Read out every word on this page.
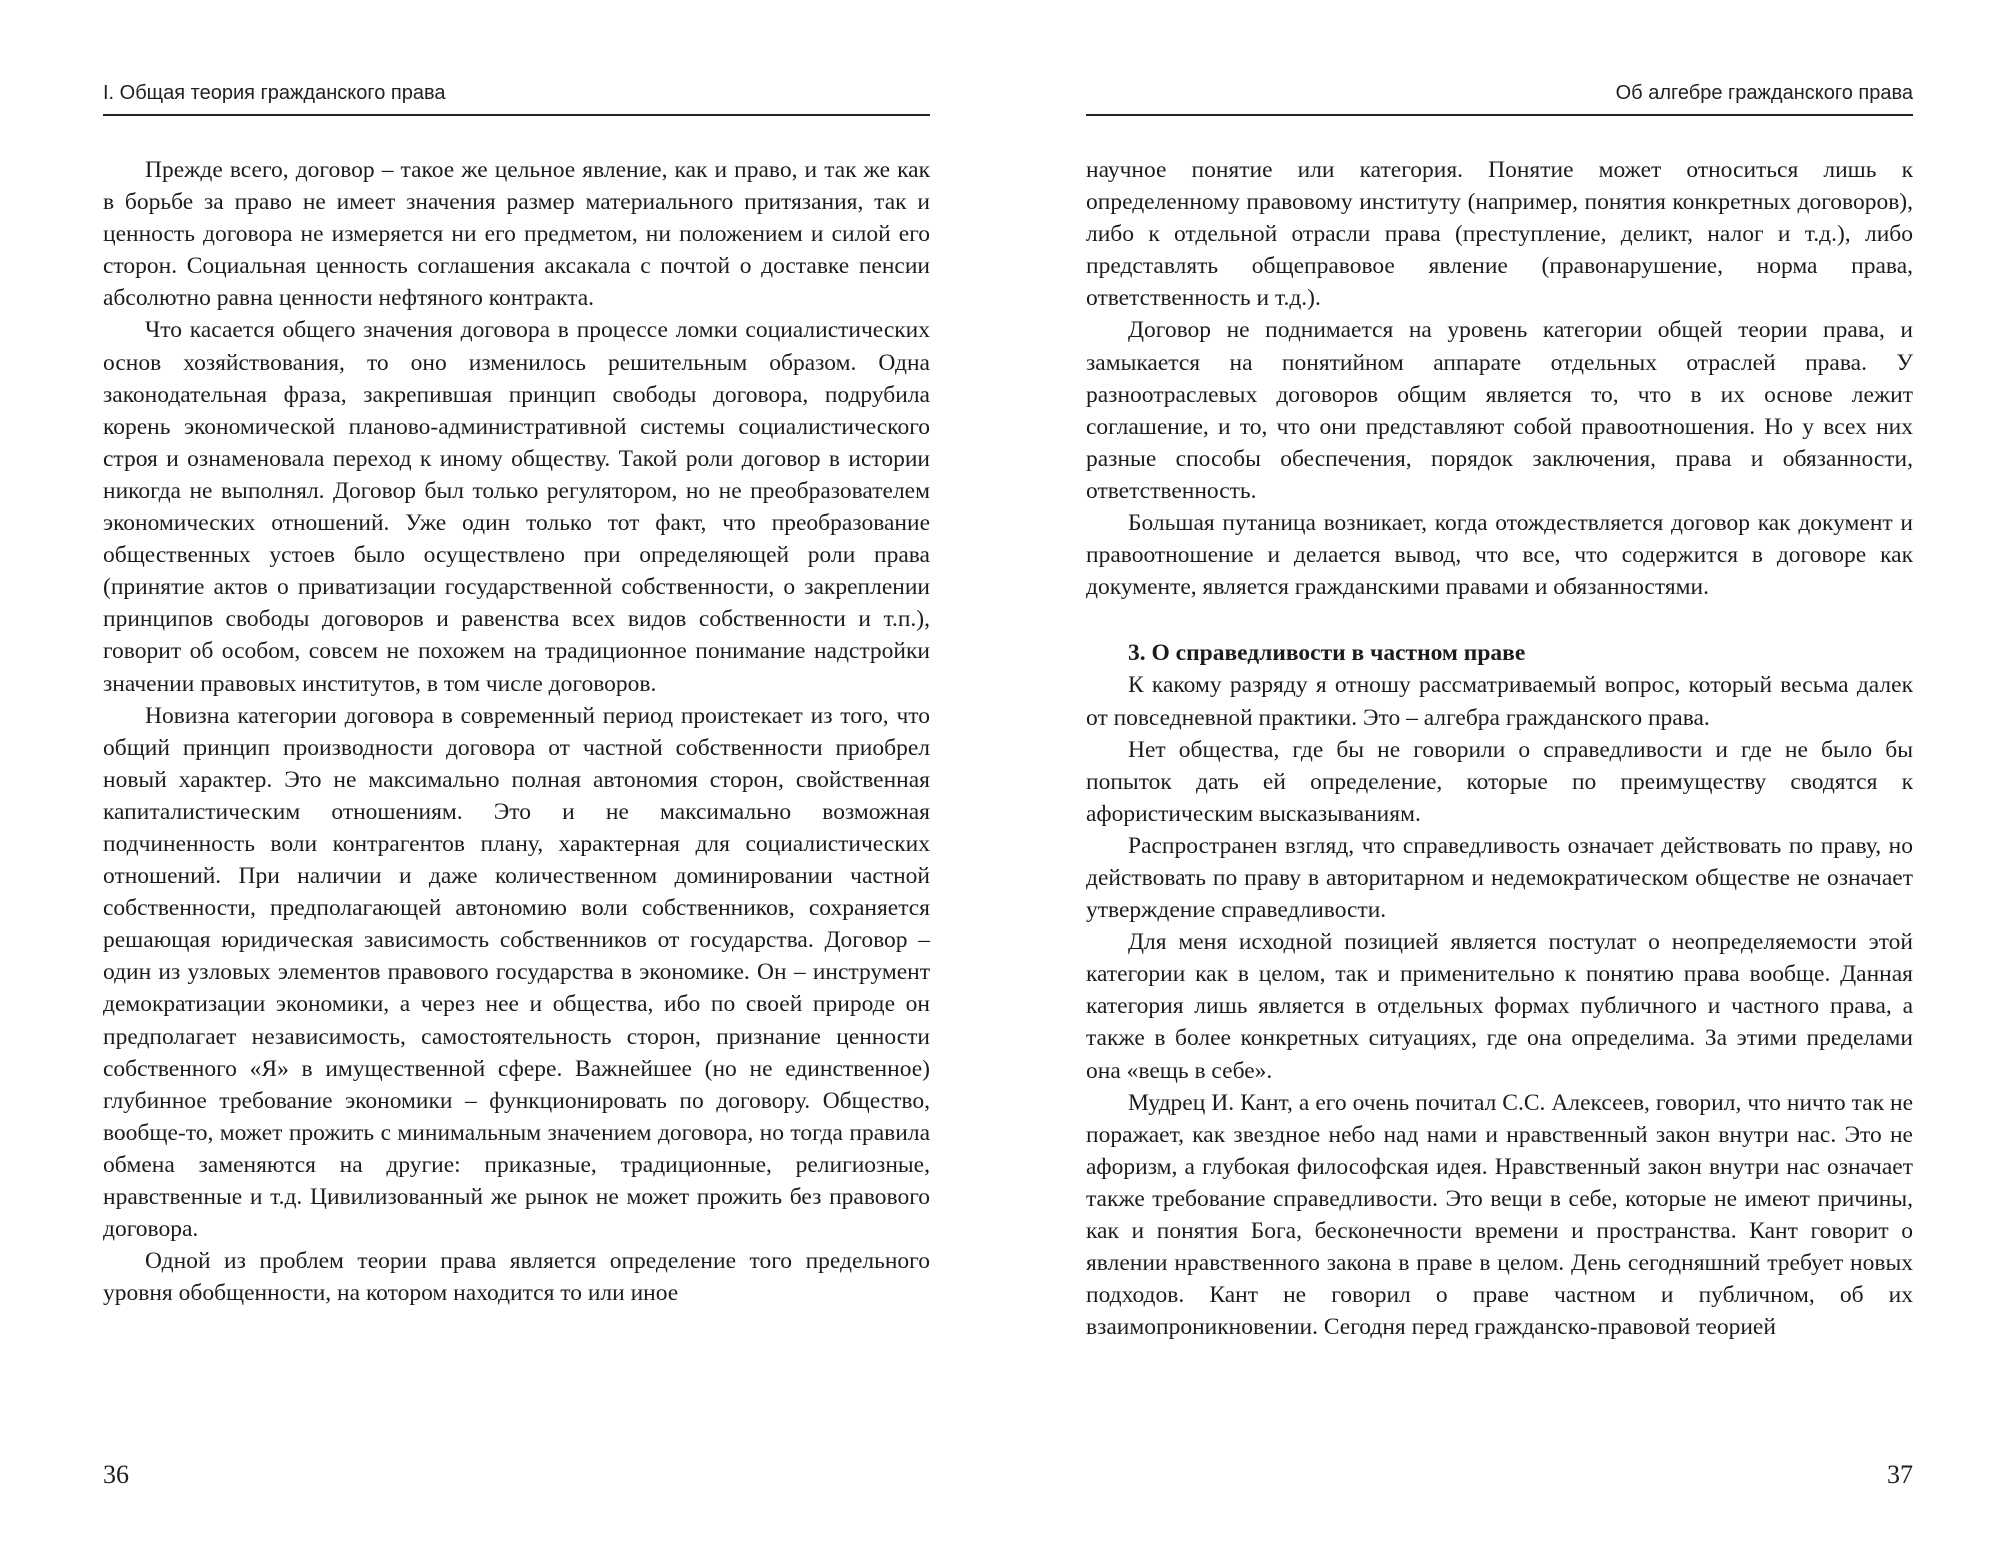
I. Общая теория гражданского права

Прежде всего, договор – такое же цельное явление, как и право, и так же как в борьбе за право не имеет значения размер материального притязания, так и ценность договора не измеряется ни его предметом, ни положением и силой его сторон. Социальная ценность соглашения аксакала с почтой о доставке пенсии абсолютно равна ценности нефтяного контракта.

Что касается общего значения договора в процессе ломки социалистических основ хозяйствования, то оно изменилось решительным образом. Одна законодательная фраза, закрепившая принцип свободы договора, подрубила корень экономической планово-административной системы социалистического строя и ознаменовала переход к иному обществу. Такой роли договор в истории никогда не выполнял. Договор был только регулятором, но не преобразователем экономических отношений. Уже один только тот факт, что преобразование общественных устоев было осуществлено при определяющей роли права (принятие актов о приватизации государственной собственности, о закреплении принципов свободы договоров и равенства всех видов собственности и т.п.), говорит об особом, совсем не похожем на традиционное понимание надстройки значении правовых институтов, в том числе договоров.

Новизна категории договора в современный период проистекает из того, что общий принцип производности договора от частной собственности приобрел новый характер. Это не максимально полная автономия сторон, свойственная капиталистическим отношениям. Это и не максимально возможная подчиненность воли контрагентов плану, характерная для социалистических отношений. При наличии и даже количественном доминировании частной собственности, предполагающей автономию воли собственников, сохраняется решающая юридическая зависимость собственников от государства. Договор – один из узловых элементов правового государства в экономике. Он – инструмент демократизации экономики, а через нее и общества, ибо по своей природе он предполагает независимость, самостоятельность сторон, признание ценности собственного «Я» в имущественной сфере. Важнейшее (но не единственное) глубинное требование экономики – функционировать по договору. Общество, вообще-то, может прожить с минимальным значением договора, но тогда правила обмена заменяются на другие: приказные, традиционные, религиозные, нравственные и т.д. Цивилизованный же рынок не может прожить без правового договора.

Одной из проблем теории права является определение того предельного уровня обобщенности, на котором находится то или иное

36
Об алгебре гражданского права

научное понятие или категория. Понятие может относиться лишь к определенному правовому институту (например, понятия конкретных договоров), либо к отдельной отрасли права (преступление, деликт, налог и т.д.), либо представлять общеправовое явление (правонарушение, норма права, ответственность и т.д.).

Договор не поднимается на уровень категории общей теории права, и замыкается на понятийном аппарате отдельных отраслей права. У разноотраслевых договоров общим является то, что в их основе лежит соглашение, и то, что они представляют собой правоотношения. Но у всех них разные способы обеспечения, порядок заключения, права и обязанности, ответственность.

Большая путаница возникает, когда отождествляется договор как документ и правоотношение и делается вывод, что все, что содержится в договоре как документе, является гражданскими правами и обязанностями.

3. О справедливости в частном праве

К какому разряду я отношу рассматриваемый вопрос, который весьма далек от повседневной практики. Это – алгебра гражданского права.

Нет общества, где бы не говорили о справедливости и где не было бы попыток дать ей определение, которые по преимуществу сводятся к афористическим высказываниям.

Распространен взгляд, что справедливость означает действовать по праву, но действовать по праву в авторитарном и недемократическом обществе не означает утверждение справедливости.

Для меня исходной позицией является постулат о неопределяемости этой категории как в целом, так и применительно к понятию права вообще. Данная категория лишь является в отдельных формах публичного и частного права, а также в более конкретных ситуациях, где она определима. За этими пределами она «вещь в себе».

Мудрец И. Кант, а его очень почитал С.С. Алексеев, говорил, что ничто так не поражает, как звездное небо над нами и нравственный закон внутри нас. Это не афоризм, а глубокая философская идея. Нравственный закон внутри нас означает также требование справедливости. Это вещи в себе, которые не имеют причины, как и понятия Бога, бесконечности времени и пространства. Кант говорит о явлении нравственного закона в праве в целом. День сегодняшний требует новых подходов. Кант не говорил о праве частном и публичном, об их взаимопроникновении. Сегодня перед гражданско-правовой теорией

37
